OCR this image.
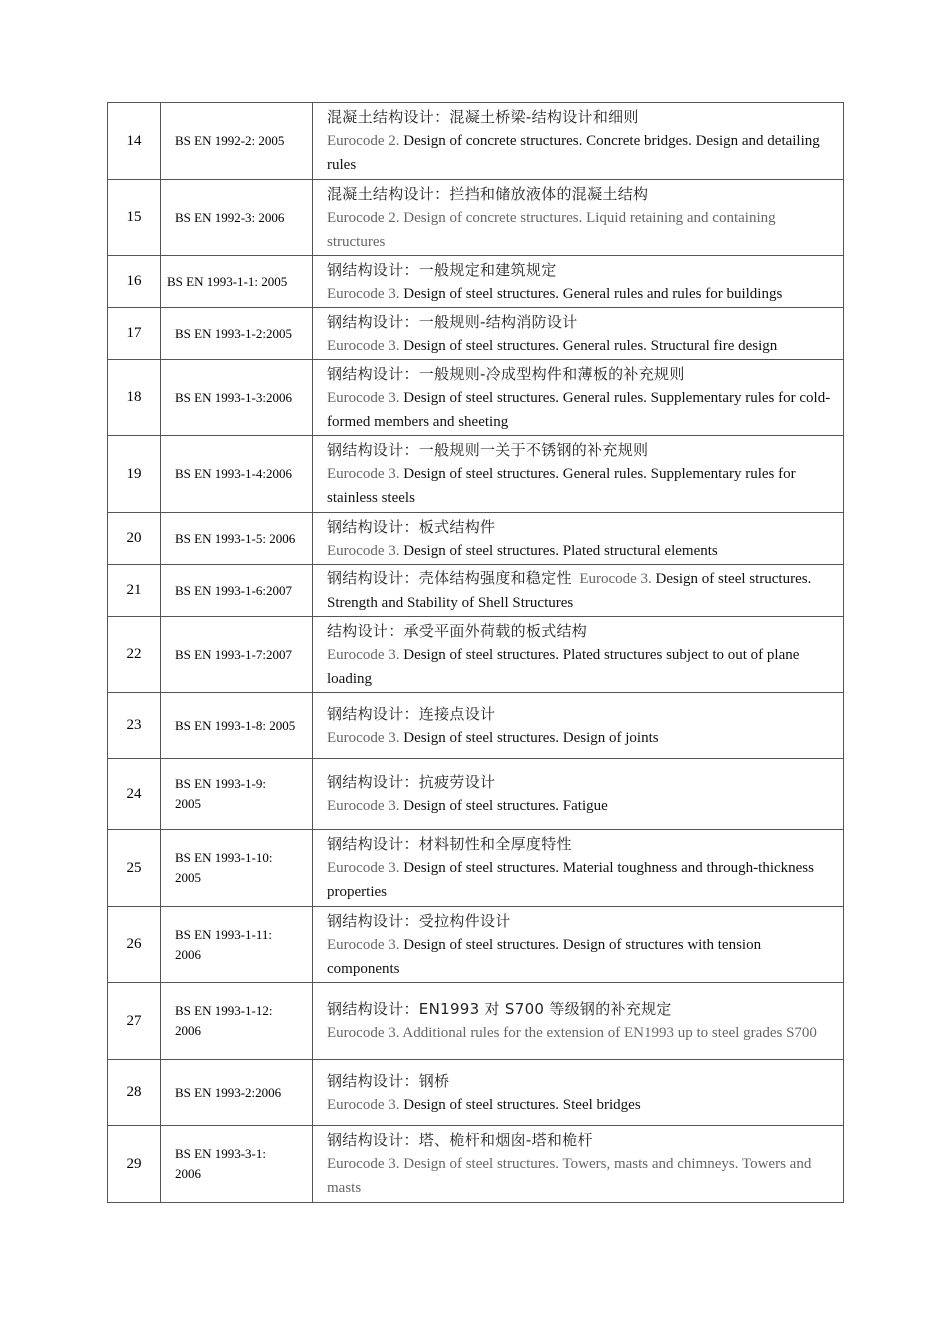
14	BS EN 1992-2: 2005	混凝土结构设计：混凝土桥梁-结构设计和细则
Eurocode 2. Design of concrete structures. Concrete bridges. Design and detailing rules
15	BS EN 1992-3: 2006	混凝土结构设计：拦挡和储放液体的混凝土结构
Eurocode 2. Design of concrete structures. Liquid retaining and containing structures
16	BS EN 1993-1-1: 2005	钢结构设计：一般规定和建筑规定
Eurocode 3. Design of steel structures. General rules and rules for buildings
17	BS EN 1993-1-2:2005	钢结构设计：一般规则-结构消防设计
Eurocode 3. Design of steel structures. General rules. Structural fire design
18	BS EN 1993-1-3:2006	钢结构设计：一般规则-冷成型构件和薄板的补充规则
Eurocode 3. Design of steel structures. General rules. Supplementary rules for cold-formed members and sheeting
19	BS EN 1993-1-4:2006	钢结构设计：一般规则一关于不锈钢的补充规则
Eurocode 3. Design of steel structures. General rules. Supplementary rules for stainless steels
20	BS EN 1993-1-5: 2006	钢结构设计：板式结构件
Eurocode 3. Design of steel structures. Plated structural elements
21	BS EN 1993-1-6:2007	钢结构设计：壳体结构强度和稳定性 Eurocode 3. Design of steel structures. Strength and Stability of Shell Structures
22	BS EN 1993-1-7:2007	结构设计：承受平面外荷载的板式结构
Eurocode 3. Design of steel structures. Plated structures subject to out of plane loading
23	BS EN 1993-1-8: 2005	钢结构设计：连接点设计
Eurocode 3. Design of steel structures. Design of joints
24	BS EN 1993-1-9: 2005	钢结构设计：抗疲劳设计
Eurocode 3. Design of steel structures. Fatigue
25	BS EN 1993-1-10: 2005	钢结构设计：材料韧性和全厚度特性
Eurocode 3. Design of steel structures. Material toughness and through-thickness properties
26	BS EN 1993-1-11: 2006	钢结构设计：受拉构件设计
Eurocode 3. Design of steel structures. Design of structures with tension components
27	BS EN 1993-1-12: 2006	钢结构设计：EN1993 对 S700 等级钢的补充规定
Eurocode 3. Additional rules for the extension of EN1993 up to steel grades S700
28	BS EN 1993-2:2006	钢结构设计：钢桥
Eurocode 3. Design of steel structures. Steel bridges
29	BS EN 1993-3-1: 2006	钢结构设计：塔、桅杆和烟囱-塔和桅杆
Eurocode 3. Design of steel structures. Towers, masts and chimneys. Towers and masts
